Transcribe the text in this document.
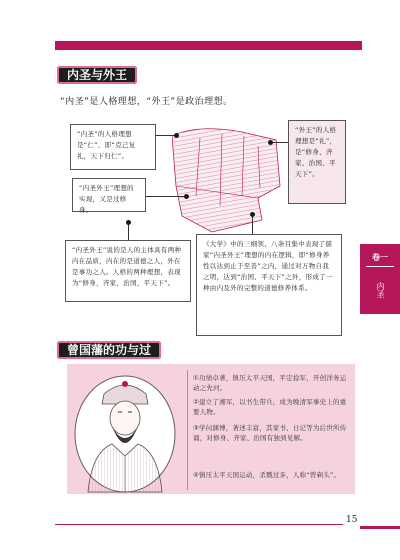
内圣与外王
“内圣”是人格理想，“外王”是政治理想。
“内圣”的人格理想是“仁”，即“克己复礼，天下归仁”。
“内圣外王”理想的实现，又是过修身。
“外王”的人格理想是“礼”，是“修身、齐家、治国、平天下”。
“内圣外王”说的是人的主体具有两种内在品质，内在的是道德之人，外在是事功之人。人格的两种理想，表现为“修身，齐家，治国，平天下”。
《大学》中的三纲领、八条目集中表现了儒家“内圣外王”理想的内在逻辑，即“修身养性以达到止于至善”之内，通过对万物自我之明，达到“治国、平天下”之外，形成了一种由内及外的完整的道德修养体系。
卷一
内圣
曾国藩的功与过
①功绩卓著，镇压太平天国，平定捻军，开创洋务运动之先河。
②建立了湘军，以书生带兵，成为晚清军事史上的重要人物。
③学问渊博，著述丰富，其家书、日记等为后世所传诵，对修身、齐家、治国有独到见解。
④镇压太平天国运动，杀戮过多，人称“曾剃头”。
15
